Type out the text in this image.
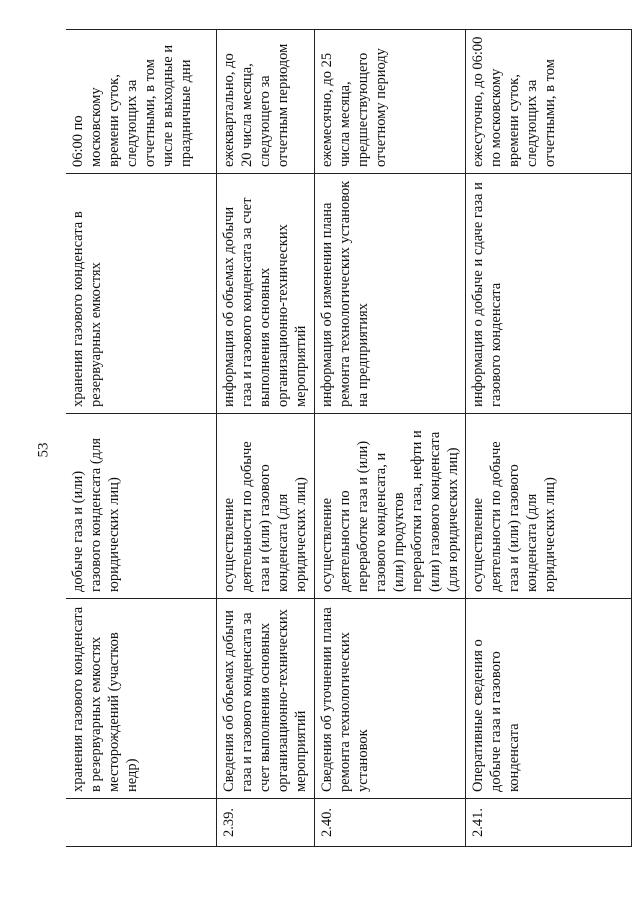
53
	хранения газового конденсата в резервуарных емкостях месторождений (участков недр)	добыче газа и (или) газового конденсата (для юридических лиц)	хранения газового конденсата в резервуарных емкостях	06:00 по московскому времени суток, следующих за отчетными, в том числе в выходные и праздничные дни
2.39.	Сведения об объемах добычи газа и газового конденсата за счет выполнения основных организационно-технических мероприятий	осуществление деятельности по добыче газа и (или) газового конденсата (для юридических лиц)	информация об объемах добычи газа и газового конденсата за счет выполнения основных организационно-технических мероприятий	ежеквартально, до 20 числа месяца, следующего за отчетным периодом
2.40.	Сведения об уточнении плана ремонта технологических установок	осуществление деятельности по переработке газа и (или) газового конденсата, и (или) продуктов переработки газа, нефти и (или) газового конденсата (для юридических лиц)	информация об изменении плана ремонта технологических установок на предприятиях	ежемесячно, до 25 числа месяца, предшествующего отчетному периоду
2.41.	Оперативные сведения о добыче газа и газового конденсата	осуществление деятельности по добыче газа и (или) газового конденсата (для юридических лиц)	информация о добыче и сдаче газа и газового конденсата	ежесуточно, до 06:00 по московскому времени суток, следующих за отчетными, в том
